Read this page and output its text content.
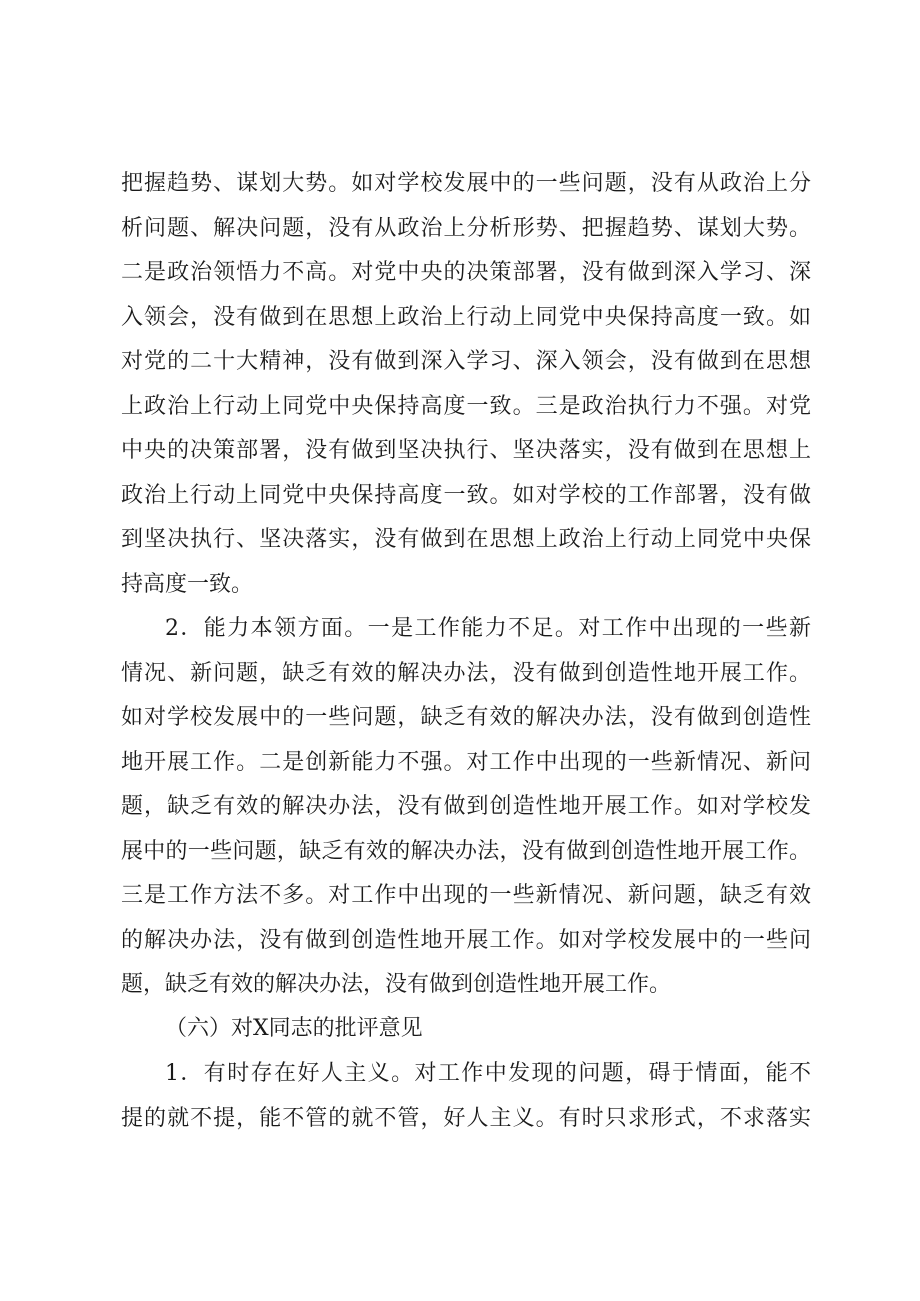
把握趋势、谋划大势。如对学校发展中的一些问题，没有从政治上分
析问题、解决问题，没有从政治上分析形势、把握趋势、谋划大势。
二是政治领悟力不高。对党中央的决策部署，没有做到深入学习、深
入领会，没有做到在思想上政治上行动上同党中央保持高度一致。如
对党的二十大精神，没有做到深入学习、深入领会，没有做到在思想
上政治上行动上同党中央保持高度一致。三是政治执行力不强。对党
中央的决策部署，没有做到坚决执行、坚决落实，没有做到在思想上
政治上行动上同党中央保持高度一致。如对学校的工作部署，没有做
到坚决执行、坚决落实，没有做到在思想上政治上行动上同党中央保
持高度一致。
2．能力本领方面。一是工作能力不足。对工作中出现的一些新
情况、新问题，缺乏有效的解决办法，没有做到创造性地开展工作。
如对学校发展中的一些问题，缺乏有效的解决办法，没有做到创造性
地开展工作。二是创新能力不强。对工作中出现的一些新情况、新问
题，缺乏有效的解决办法，没有做到创造性地开展工作。如对学校发
展中的一些问题，缺乏有效的解决办法，没有做到创造性地开展工作。
三是工作方法不多。对工作中出现的一些新情况、新问题，缺乏有效
的解决办法，没有做到创造性地开展工作。如对学校发展中的一些问
题，缺乏有效的解决办法，没有做到创造性地开展工作。
（六）对X同志的批评意见
1．有时存在好人主义。对工作中发现的问题，碍于情面，能不
提的就不提，能不管的就不管，好人主义。有时只求形式，不求落实
